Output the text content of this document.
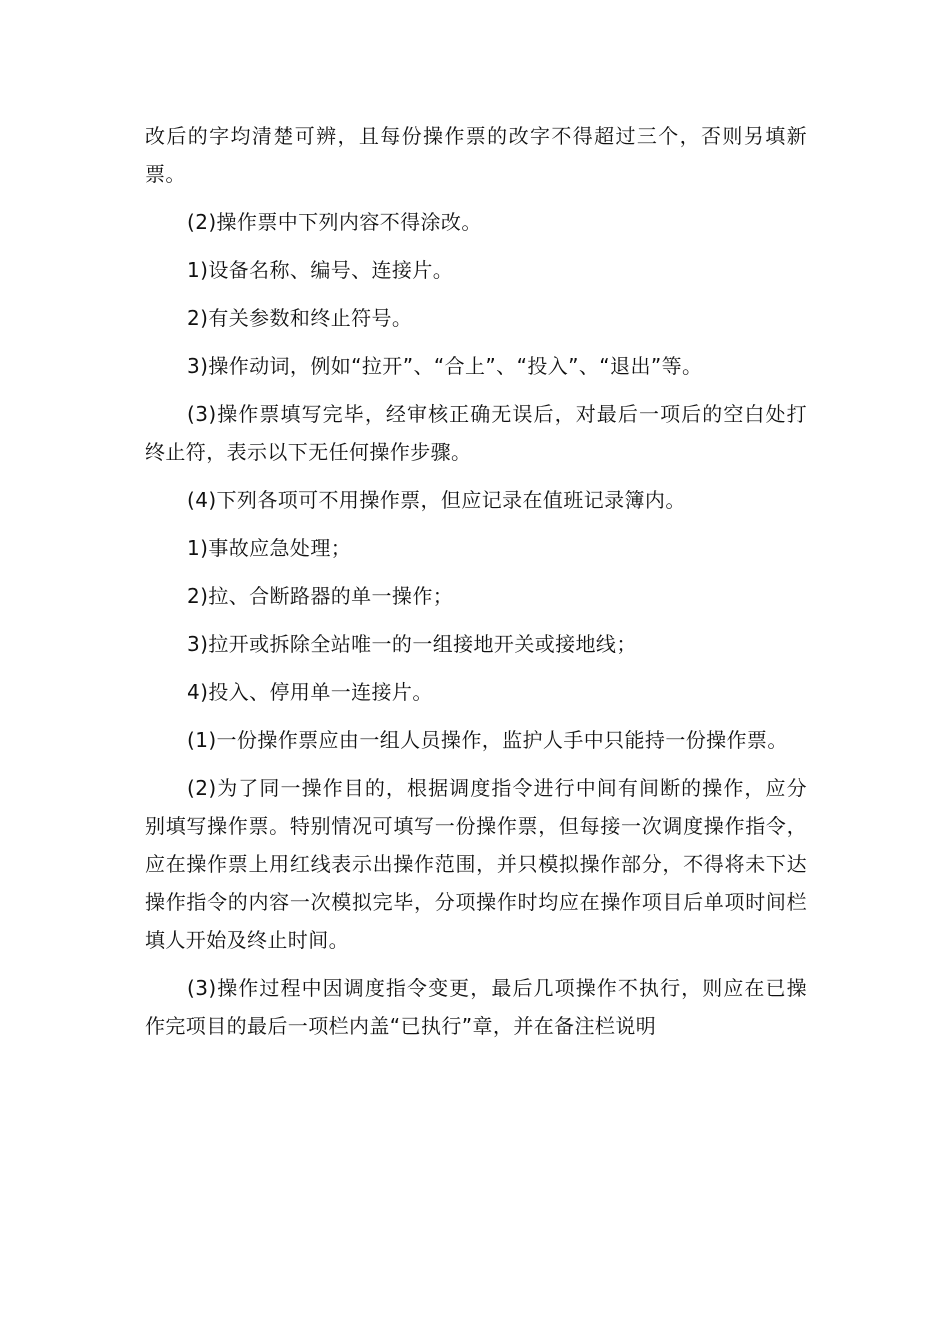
改后的字均清楚可辨，且每份操作票的改字不得超过三个，否则另填新票。

(2)操作票中下列内容不得涂改。

1)设备名称、编号、连接片。

2)有关参数和终止符号。

3)操作动词，例如“拉开”、“合上”、“投入”、“退出”等。

(3)操作票填写完毕，经审核正确无误后，对最后一项后的空白处打终止符，表示以下无任何操作步骤。

(4)下列各项可不用操作票，但应记录在值班记录簿内。

1)事故应急处理；

2)拉、合断路器的单一操作；

3)拉开或拆除全站唯一的一组接地开关或接地线；

4)投入、停用单一连接片。

(1)一份操作票应由一组人员操作，监护人手中只能持一份操作票。

(2)为了同一操作目的，根据调度指令进行中间有间断的操作，应分别填写操作票。特别情况可填写一份操作票，但每接一次调度操作指令，应在操作票上用红线表示出操作范围，并只模拟操作部分，不得将未下达操作指令的内容一次模拟完毕，分项操作时均应在操作项目后单项时间栏填人开始及终止时间。

(3)操作过程中因调度指令变更，最后几项操作不执行，则应在已操作完项目的最后一项栏内盖“已执行”章，并在备注栏说明
